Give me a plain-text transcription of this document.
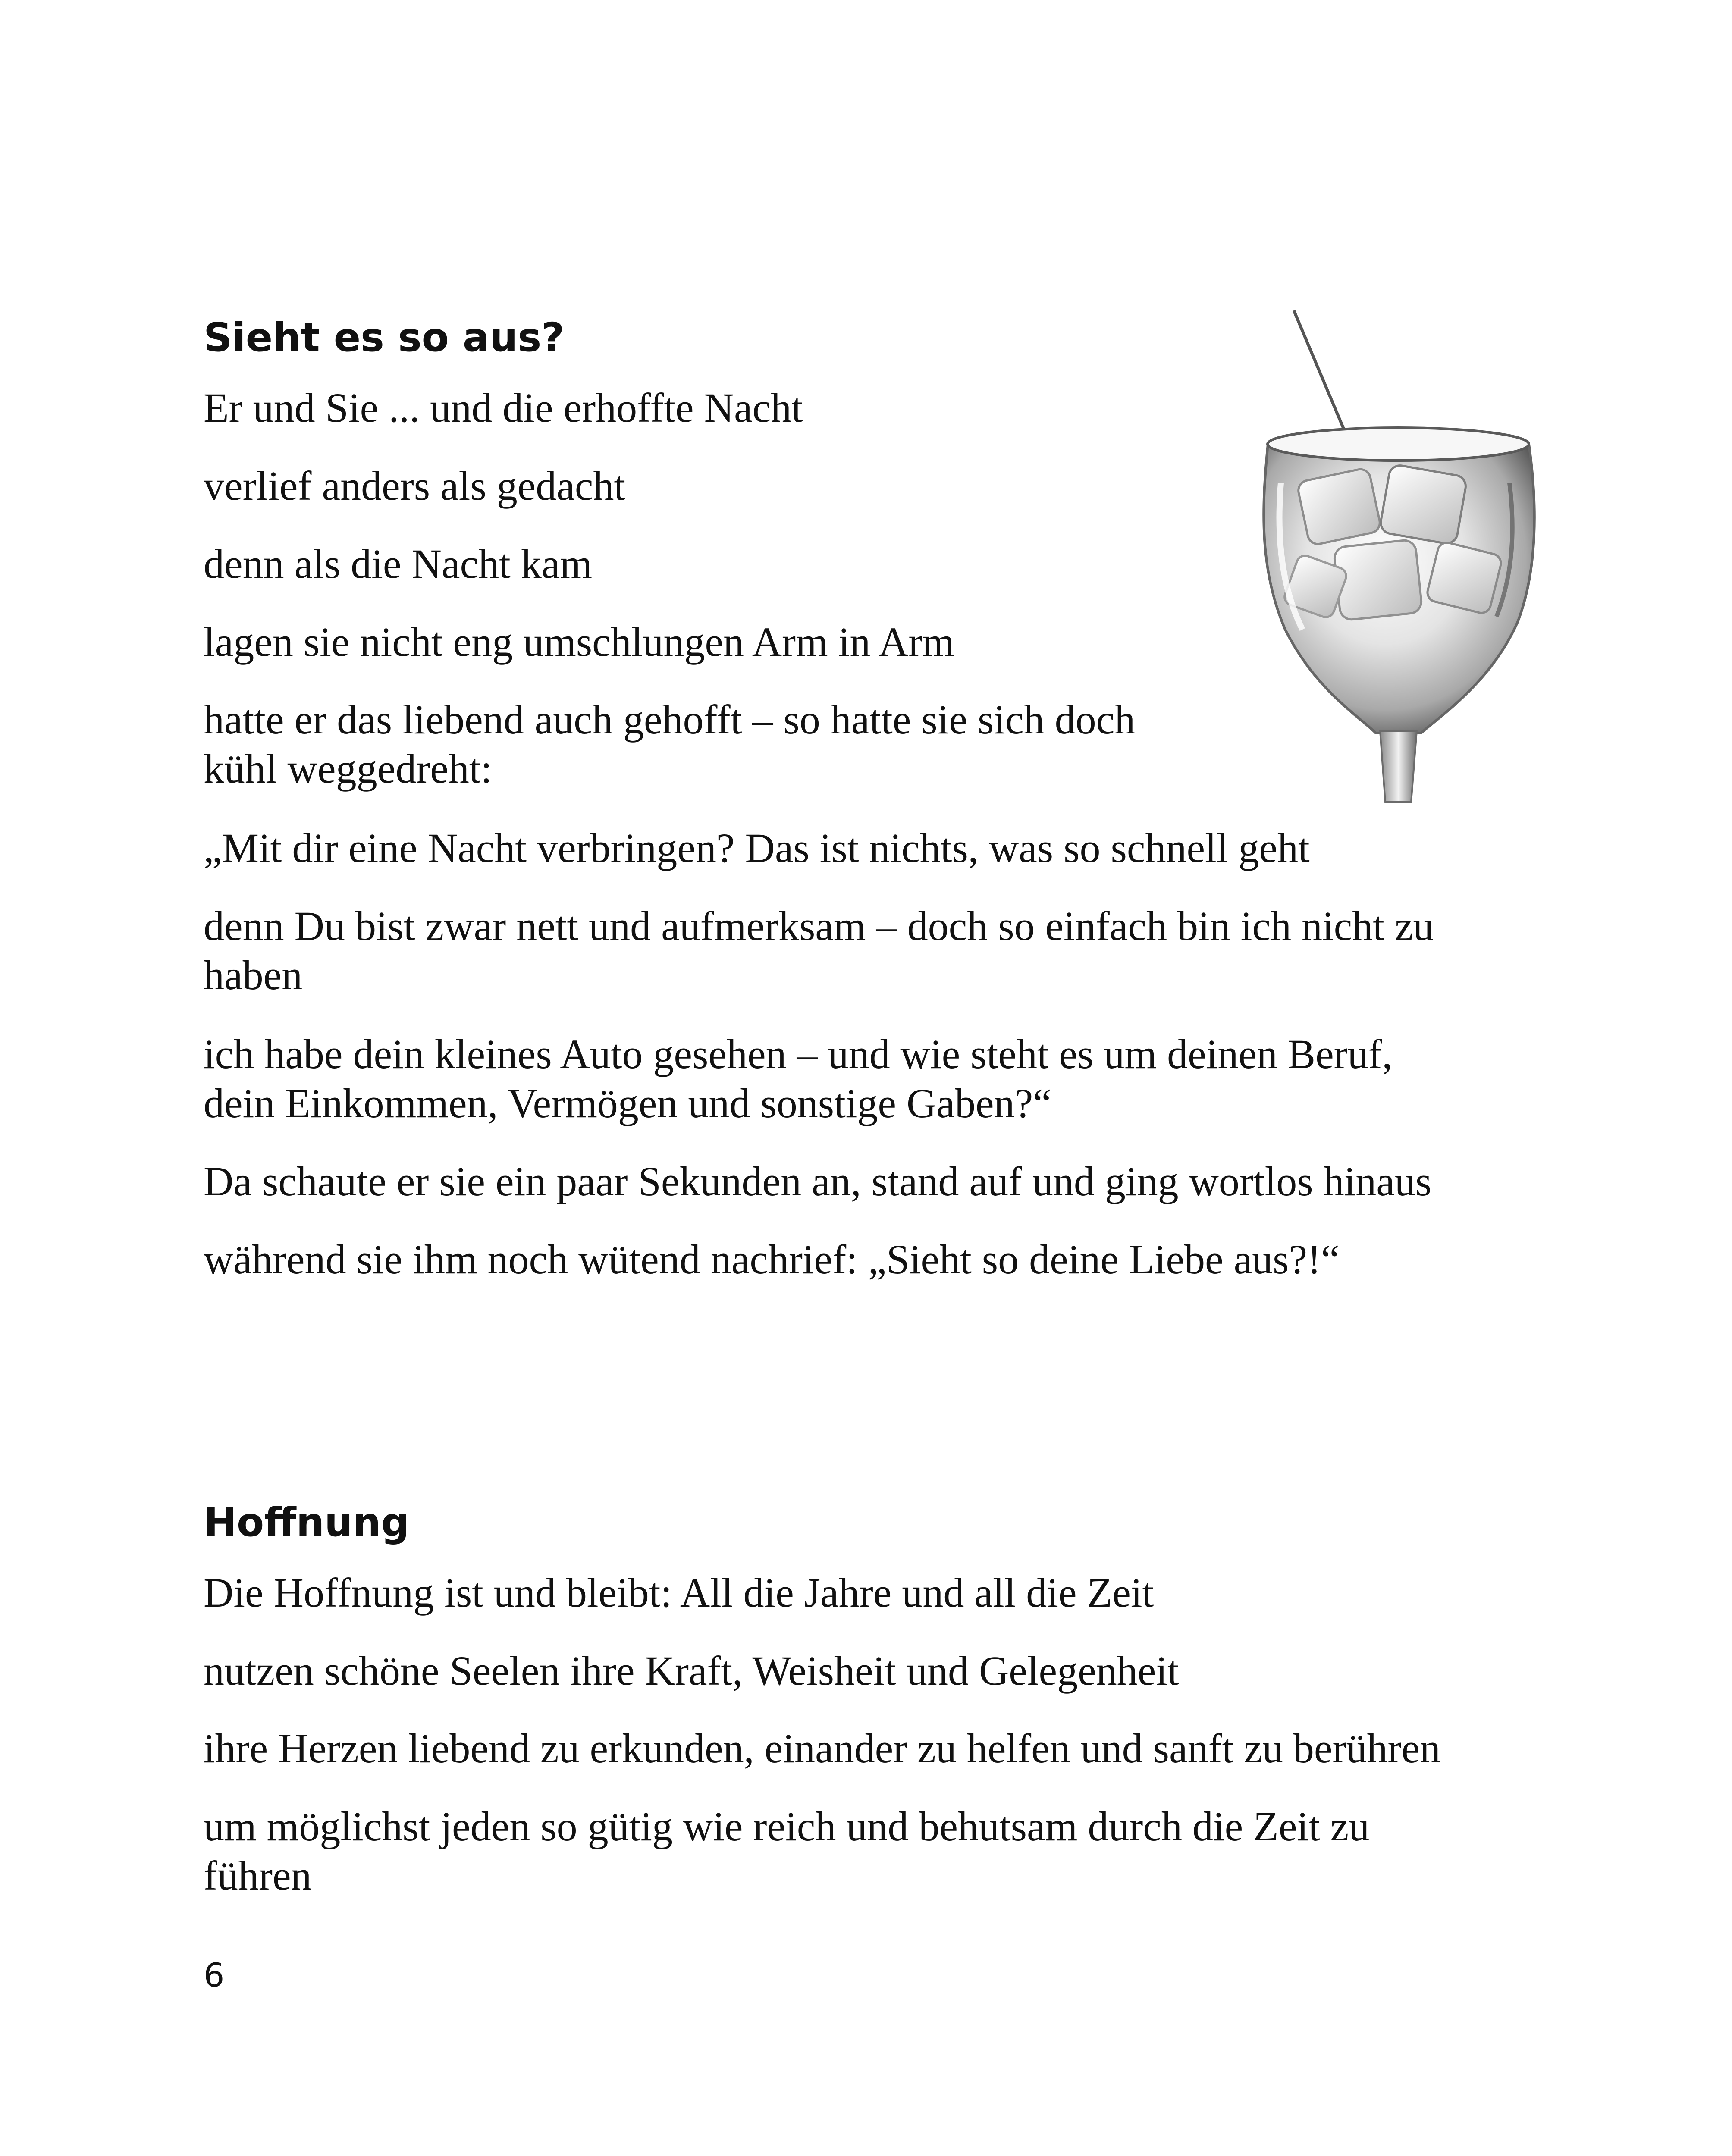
Sieht es so aus?

Er und Sie ... und die erhoffte Nacht

verlief anders als gedacht

denn als die Nacht kam

lagen sie nicht eng umschlungen Arm in Arm

hatte er das liebend auch gehofft – so hatte sie sich doch

kühl weggedreht:

„Mit dir eine Nacht verbringen? Das ist nichts, was so schnell geht

denn Du bist zwar nett und aufmerksam – doch so einfach bin ich nicht zu

haben

ich habe dein kleines Auto gesehen – und wie steht es um deinen Beruf,

dein Einkommen, Vermögen und sonstige Gaben?“

Da schaute er sie ein paar Sekunden an, stand auf und ging wortlos hinaus

während sie ihm noch wütend nachrief: „Sieht so deine Liebe aus?!“

Hoffnung

Die Hoffnung ist und bleibt: All die Jahre und all die Zeit

nutzen schöne Seelen ihre Kraft, Weisheit und Gelegenheit

ihre Herzen liebend zu erkunden, einander zu helfen und sanft zu berühren

um möglichst jeden so gütig wie reich und behutsam durch die Zeit zu

führen

6
